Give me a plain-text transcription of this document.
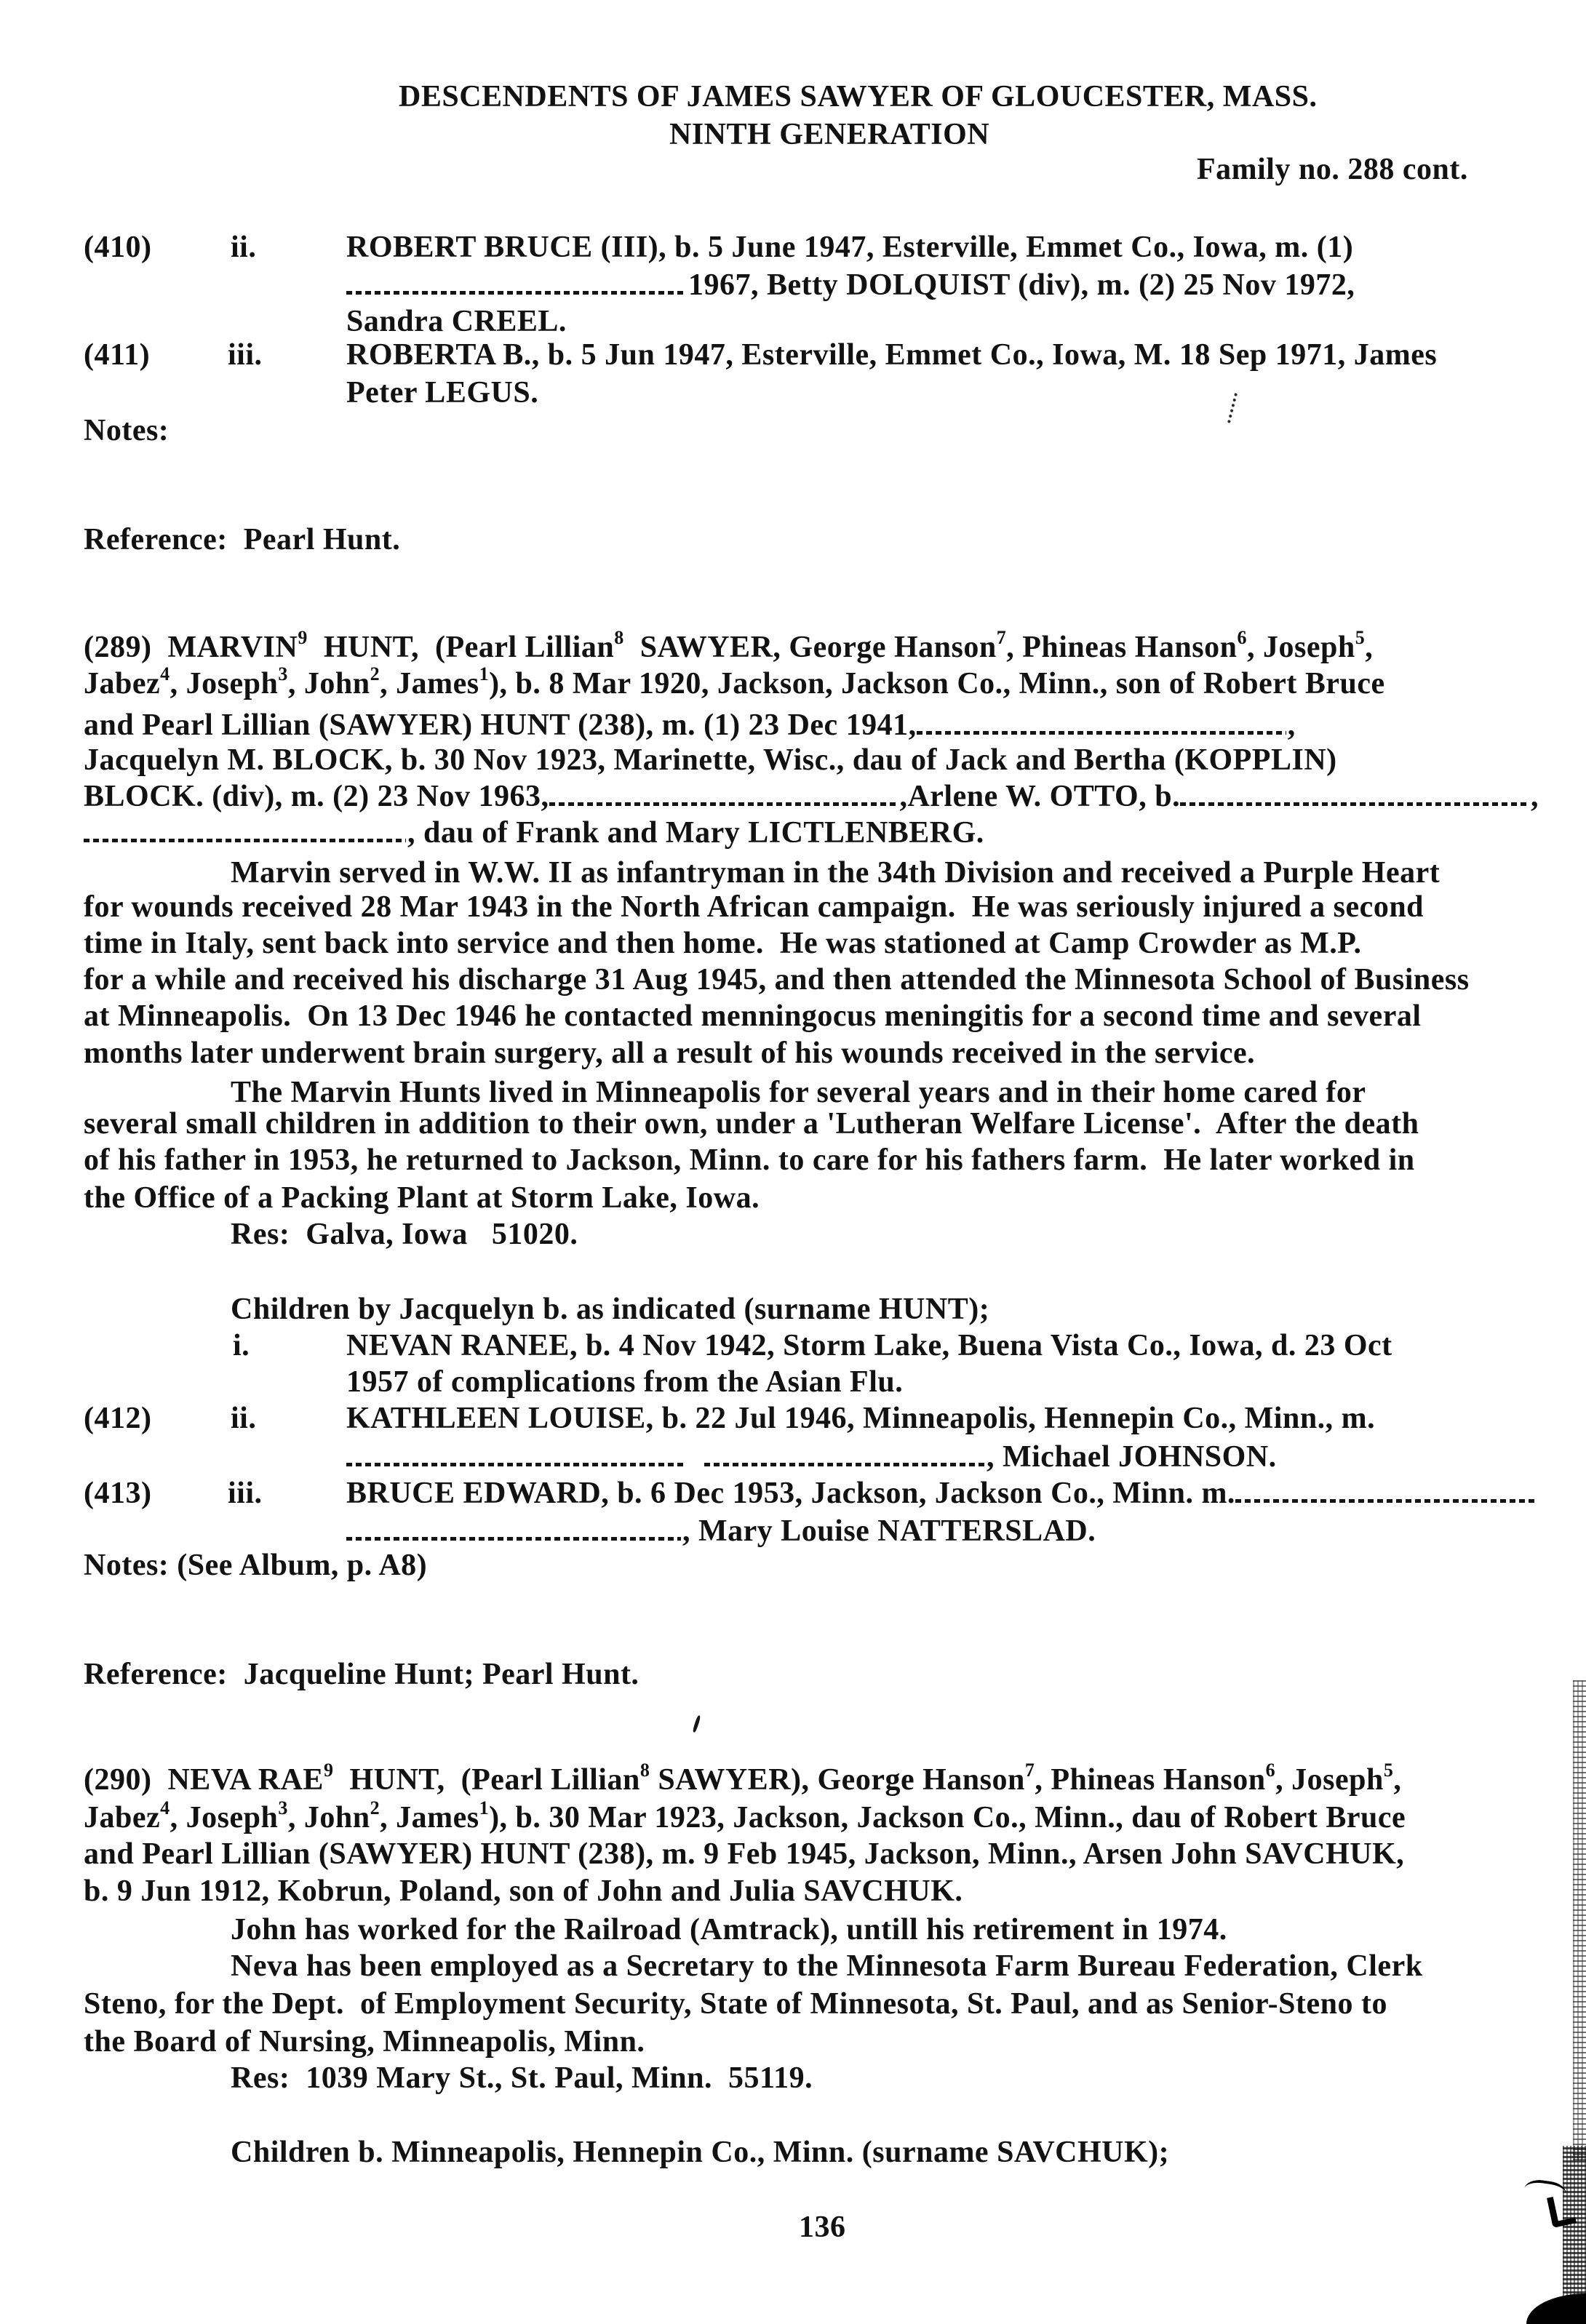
DESCENDENTS OF JAMES SAWYER OF GLOUCESTER, MASS.
NINTH GENERATION
Family no. 288 cont.
136
(410)	ii.	ROBERT BRUCE (III), b. 5 June 1947, Esterville, Emmet Co., Iowa, m. (1)
1967, Betty DOLQUIST (div), m. (2) 25 Nov 1972,
Sandra CREEL.
(411)	iii.	ROBERTA B., b. 5 Jun 1947, Esterville, Emmet Co., Iowa, M. 18 Sep 1971, James
Peter LEGUS.
Notes:
Reference:  Pearl Hunt.
(289)  MARVIN 9 HUNT,  (Pearl Lillian 8 SAWYER, George Hanson 7 , Phineas Hanson 6 , Joseph 5 ,
Jabez 4 , Joseph 3 , John 2 , James 1 ), b. 8 Mar 1920, Jackson, Jackson Co., Minn., son of Robert Bruce
and Pearl Lillian (SAWYER) HUNT (238), m. (1) 23 Dec 1941,	,
Jacquelyn M. BLOCK, b. 30 Nov 1923, Marinette, Wisc., dau of Jack and Bertha (KOPPLIN)
BLOCK. (div), m. (2) 23 Nov 1963,	,Arlene W. OTTO, b.	,
, dau of Frank and Mary LICTLENBERG.
Marvin served in W.W. II as infantryman in the 34th Division and received a Purple Heart
for wounds received 28 Mar 1943 in the North African campaign.  He was seriously injured a second
time in Italy, sent back into service and then home.  He was stationed at Camp Crowder as M.P.
for a while and received his discharge 31 Aug 1945, and then attended the Minnesota School of Business
at Minneapolis.  On 13 Dec 1946 he contacted menningocus meningitis for a second time and several
months later underwent brain surgery, all a result of his wounds received in the service.
The Marvin Hunts lived in Minneapolis for several years and in their home cared for
several small children in addition to their own, under a 'Lutheran Welfare License'.  After the death
of his father in 1953, he returned to Jackson, Minn. to care for his fathers farm.  He later worked in
the Office of a Packing Plant at Storm Lake, Iowa.
Res:  Galva, Iowa   51020.
Children by Jacquelyn b. as indicated (surname HUNT);
i.	NEVAN RANEE, b. 4 Nov 1942, Storm Lake, Buena Vista Co., Iowa, d. 23 Oct
1957 of complications from the Asian Flu.
(412)	ii.	KATHLEEN LOUISE, b. 22 Jul 1946, Minneapolis, Hennepin Co., Minn., m.

, Michael JOHNSON.
(413) iii.	BRUCE EDWARD, b. 6 Dec 1953, Jackson, Jackson Co., Minn. m.
, Mary Louise NATTERSLAD.
Notes: (See Album, p. A8)
Reference:  Jacqueline Hunt; Pearl Hunt.
(290)  NEVA RAE 9 HUNT,  (Pearl Lillian 8 SAWYER), George Hanson 7 , Phineas Hanson 6 , Joseph 5 ,
Jabez 4 , Joseph 3 , John 2 , James 1 ), b. 30 Mar 1923, Jackson, Jackson Co., Minn., dau of Robert Bruce
and Pearl Lillian (SAWYER) HUNT (238), m. 9 Feb 1945, Jackson, Minn., Arsen John SAVCHUK,
b. 9 Jun 1912, Kobrun, Poland, son of John and Julia SAVCHUK.
John has worked for the Railroad (Amtrack), untill his retirement in 1974.
Neva has been employed as a Secretary to the Minnesota Farm Bureau Federation, Clerk
Steno, for the Dept.  of Employment Security, State of Minnesota, St. Paul, and as Senior-Steno to
the Board of Nursing, Minneapolis, Minn.
Res:  1039 Mary St., St. Paul, Minn.  55119.
Children b. Minneapolis, Hennepin Co., Minn. (surname SAVCHUK);
